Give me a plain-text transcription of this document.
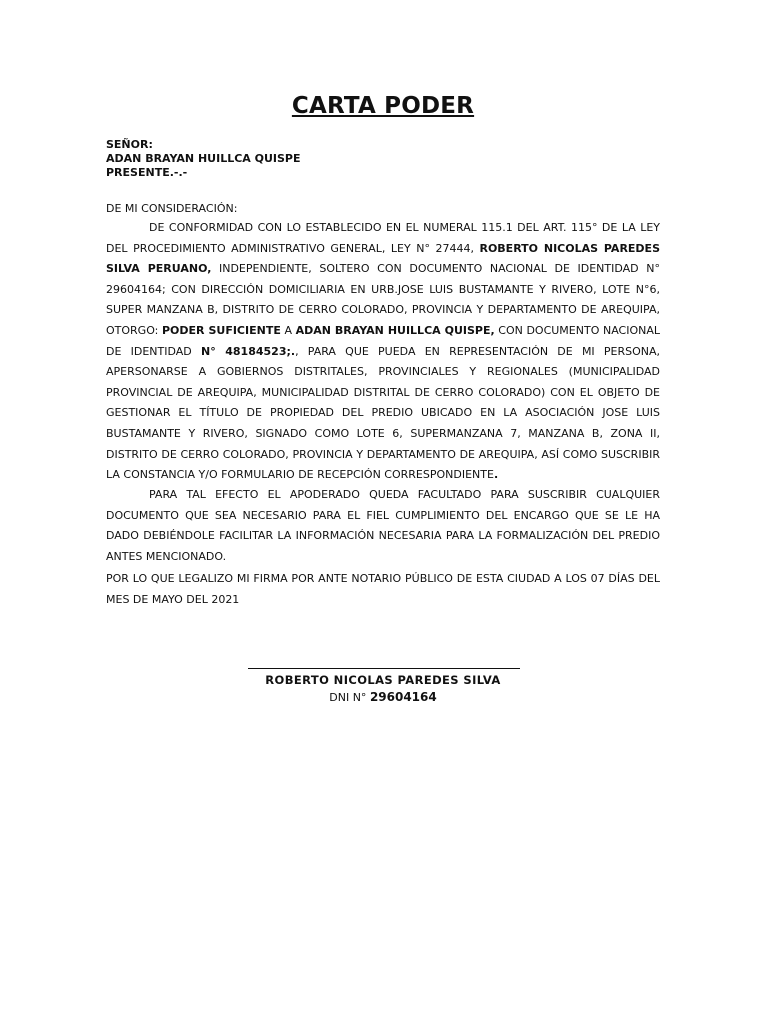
CARTA PODER
SEÑOR:
ADAN BRAYAN HUILLCA QUISPE
PRESENTE.-.-

DE MI CONSIDERACIÓN:

DE CONFORMIDAD CON LO ESTABLECIDO EN EL NUMERAL 115.1 DEL ART. 115° DE LA LEY DEL PROCEDIMIENTO ADMINISTRATIVO GENERAL, LEY N° 27444, ROBERTO NICOLAS PAREDES SILVA PERUANO, INDEPENDIENTE, SOLTERO CON DOCUMENTO NACIONAL DE IDENTIDAD N° 29604164; CON DIRECCIÓN DOMICILIARIA EN URB.JOSE LUIS BUSTAMANTE Y RIVERO, LOTE N°6, SUPER MANZANA B, DISTRITO DE CERRO COLORADO, PROVINCIA Y DEPARTAMENTO DE AREQUIPA, OTORGO: PODER SUFICIENTE A ADAN BRAYAN HUILLCA QUISPE, CON DOCUMENTO NACIONAL DE IDENTIDAD N° 48184523;., PARA QUE PUEDA EN REPRESENTACIÓN DE MI PERSONA, APERSONARSE A GOBIERNOS DISTRITALES, PROVINCIALES Y REGIONALES (MUNICIPALIDAD PROVINCIAL DE AREQUIPA, MUNICIPALIDAD DISTRITAL DE CERRO COLORADO) CON EL OBJETO DE GESTIONAR EL TÍTULO DE PROPIEDAD DEL PREDIO UBICADO EN LA ASOCIACIÓN JOSE LUIS BUSTAMANTE Y RIVERO, SIGNADO COMO LOTE 6, SUPERMANZANA 7, MANZANA B, ZONA II, DISTRITO DE CERRO COLORADO, PROVINCIA Y DEPARTAMENTO DE AREQUIPA, ASÍ COMO SUSCRIBIR LA CONSTANCIA Y/O FORMULARIO DE RECEPCIÓN CORRESPONDIENTE.

PARA TAL EFECTO EL APODERADO QUEDA FACULTADO PARA SUSCRIBIR CUALQUIER DOCUMENTO QUE SEA NECESARIO PARA EL FIEL CUMPLIMIENTO DEL ENCARGO QUE SE LE HA DADO DEBIÉNDOLE FACILITAR LA INFORMACIÓN NECESARIA PARA LA FORMALIZACIÓN DEL PREDIO ANTES MENCIONADO.

POR LO QUE LEGALIZO MI FIRMA POR ANTE NOTARIO PÚBLICO DE ESTA CIUDAD A LOS 07 DÍAS DEL MES DE MAYO DEL 2021

ROBERTO NICOLAS PAREDES SILVA
DNI N° 29604164
